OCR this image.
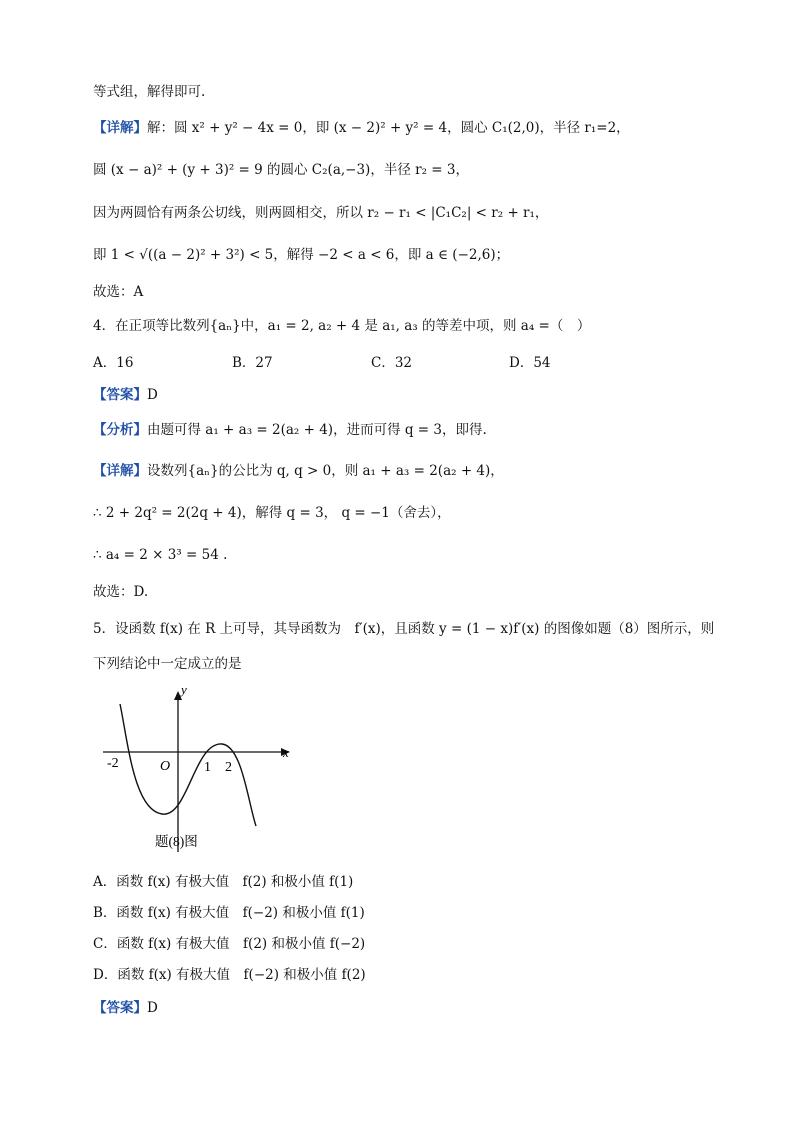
等式组，解得即可.
【详解】解：圆 x² + y² − 4x = 0，即 (x − 2)² + y² = 4，圆心 C₁(2,0)，半径 r₁=2，
圆 (x − a)² + (y + 3)² = 9 的圆心 C₂(a,−3)，半径 r₂ = 3，
因为两圆恰有两条公切线，则两圆相交，所以 r₂ − r₁ < |C₁C₂| < r₂ + r₁，
即 1 < √((a − 2)² + 3²) < 5，解得 −2 < a < 6，即 a ∈ (−2,6)；
故选：A
4．在正项等比数列{aₙ}中，a₁ = 2, a₂ + 4 是 a₁, a₃ 的等差中项，则 a₄ =（　）
A．16	B．27	C．32	D．54
【答案】D
【分析】由题可得 a₁ + a₃ = 2(a₂ + 4)，进而可得 q = 3，即得.
【详解】设数列{aₙ}的公比为 q, q > 0，则 a₁ + a₃ = 2(a₂ + 4)，
∴ 2 + 2q² = 2(2q + 4)，解得 q = 3， q = −1（舍去），
∴ a₄ = 2 × 3³ = 54 .
故选：D.
5．设函数 f(x) 在 R 上可导，其导函数为　f′(x)，且函数 y = (1 − x)f′(x) 的图像如题（8）图所示，则
下列结论中一定成立的是
y
x
O
-2	1 2
题(8)图
A．函数 f(x) 有极大值　f(2) 和极小值 f(1)
B．函数 f(x) 有极大值　f(−2) 和极小值 f(1)
C．函数 f(x) 有极大值　f(2) 和极小值 f(−2)
D．函数 f(x) 有极大值　f(−2) 和极小值 f(2)
【答案】D
